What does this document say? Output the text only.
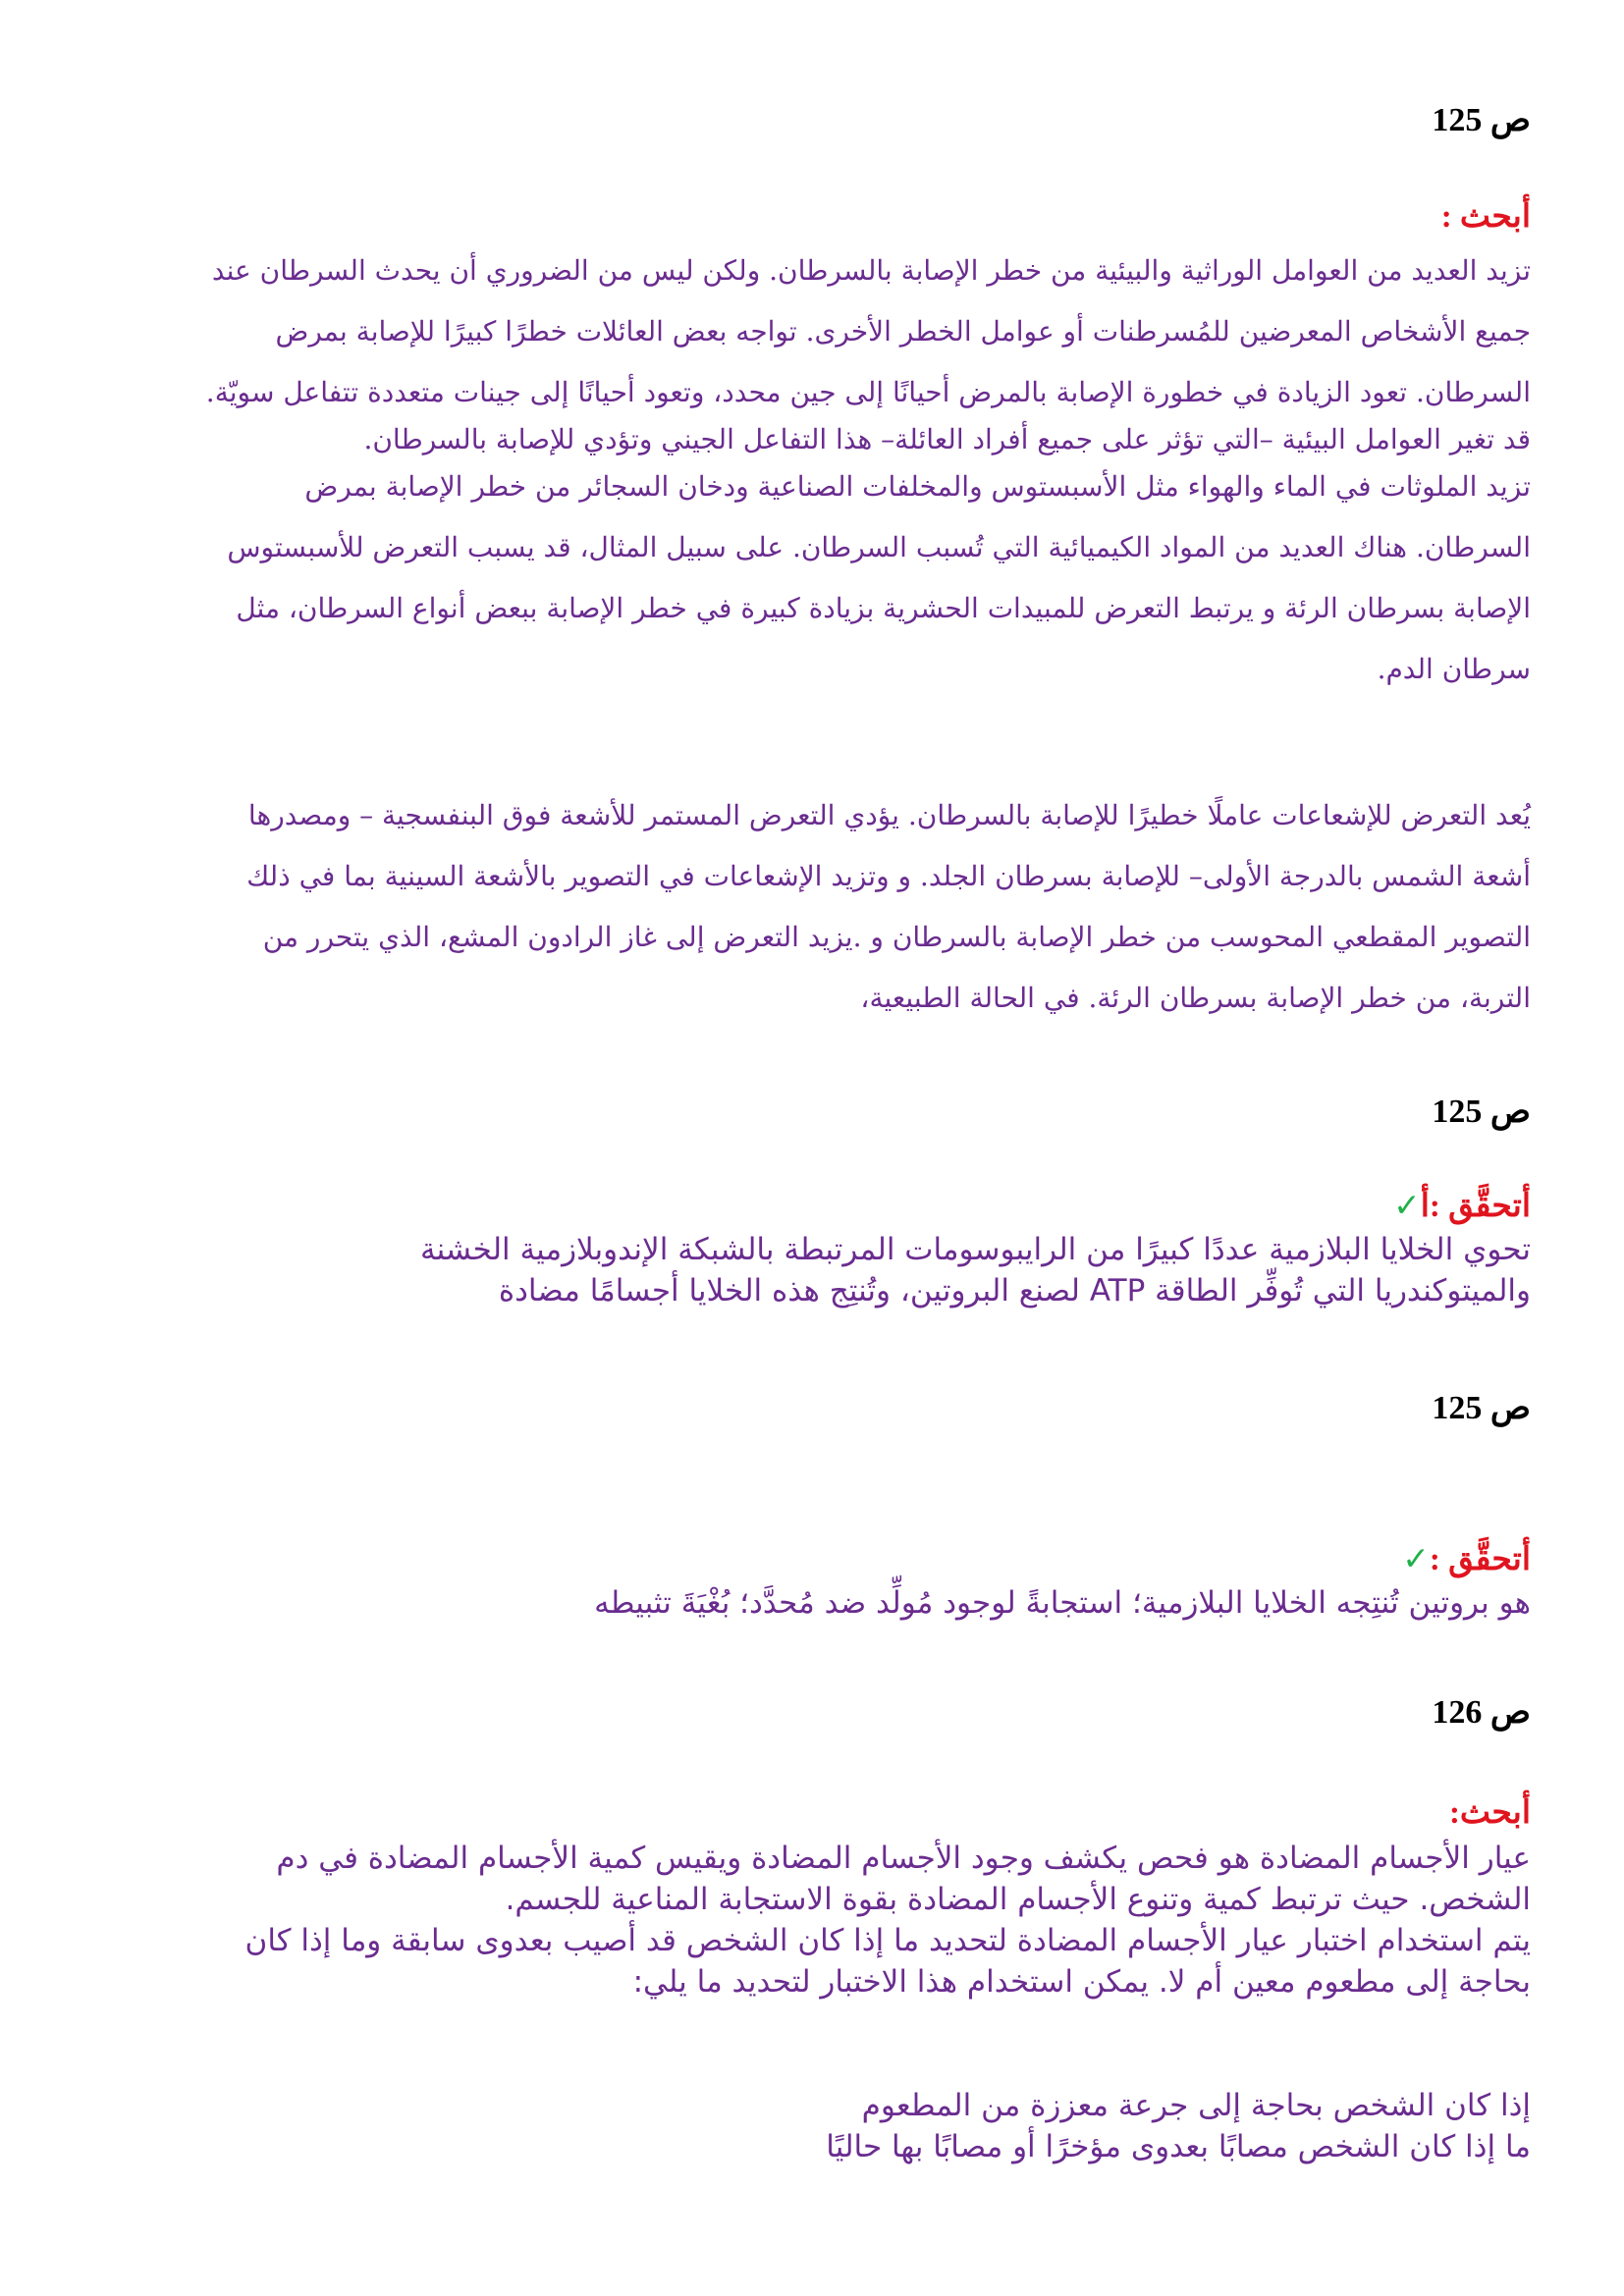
ص 125
أبحث :
تزيد العديد من العوامل الوراثية والبيئية من خطر الإصابة بالسرطان. ولكن ليس من الضروري أن يحدث السرطان عند
جميع الأشخاص المعرضين للمُسرطنات أو عوامل الخطر الأخرى. تواجه بعض العائلات خطرًا كبيرًا للإصابة بمرض
السرطان. تعود الزيادة في خطورة الإصابة بالمرض أحيانًا إلى جين محدد، وتعود أحيانًا إلى جينات متعددة تتفاعل سويّة.
قد تغير العوامل البيئية –التي تؤثر على جميع أفراد العائلة– هذا التفاعل الجيني وتؤدي للإصابة بالسرطان.
تزيد الملوثات في الماء والهواء مثل الأسبستوس والمخلفات الصناعية ودخان السجائر من خطر الإصابة بمرض
السرطان. هناك العديد من المواد الكيميائية التي تُسبب السرطان. على سبيل المثال، قد يسبب التعرض للأسبستوس
الإصابة بسرطان الرئة و يرتبط التعرض للمبيدات الحشرية بزيادة كبيرة في خطر الإصابة ببعض أنواع السرطان، مثل
سرطان الدم.
يُعد التعرض للإشعاعات عاملًا خطيرًا للإصابة بالسرطان. يؤدي التعرض المستمر للأشعة فوق البنفسجية – ومصدرها
أشعة الشمس بالدرجة الأولى– للإصابة بسرطان الجلد. و وتزيد الإشعاعات في التصوير بالأشعة السينية بما في ذلك
التصوير المقطعي المحوسب من خطر الإصابة بالسرطان و .يزيد التعرض إلى غاز الرادون المشع، الذي يتحرر من
التربة، من خطر الإصابة بسرطان الرئة. في الحالة الطبيعية،
ص 125
أتحقَّق :أ✓
تحوي الخلايا البلازمية عددًا كبيرًا من الرايبوسومات المرتبطة بالشبكة الإندوبلازمية الخشنة
والميتوكندريا التي تُوفِّر الطاقة ATP لصنع البروتين، وتُنتِج هذه الخلايا أجسامًا مضادة
ص 125
أتحقَّق :✓
هو بروتين تُنتِجه الخلايا البلازمية؛ استجابةً لوجود مُولِّد ضد مُحدَّد؛ بُغْيَةَ تثبيطه
ص 126
أبحث:
عيار الأجسام المضادة هو فحص يكشف وجود الأجسام المضادة ويقيس كمية الأجسام المضادة في دم
الشخص. حيث ترتبط كمية وتنوع الأجسام المضادة بقوة الاستجابة المناعية للجسم.
يتم استخدام اختبار عيار الأجسام المضادة لتحديد ما إذا كان الشخص قد أصيب بعدوى سابقة وما إذا كان
بحاجة إلى مطعوم معين أم لا. يمكن استخدام هذا الاختبار لتحديد ما يلي:
إذا كان الشخص بحاجة إلى جرعة معززة من المطعوم
ما إذا كان الشخص مصابًا بعدوى مؤخرًا أو مصابًا بها حاليًا
